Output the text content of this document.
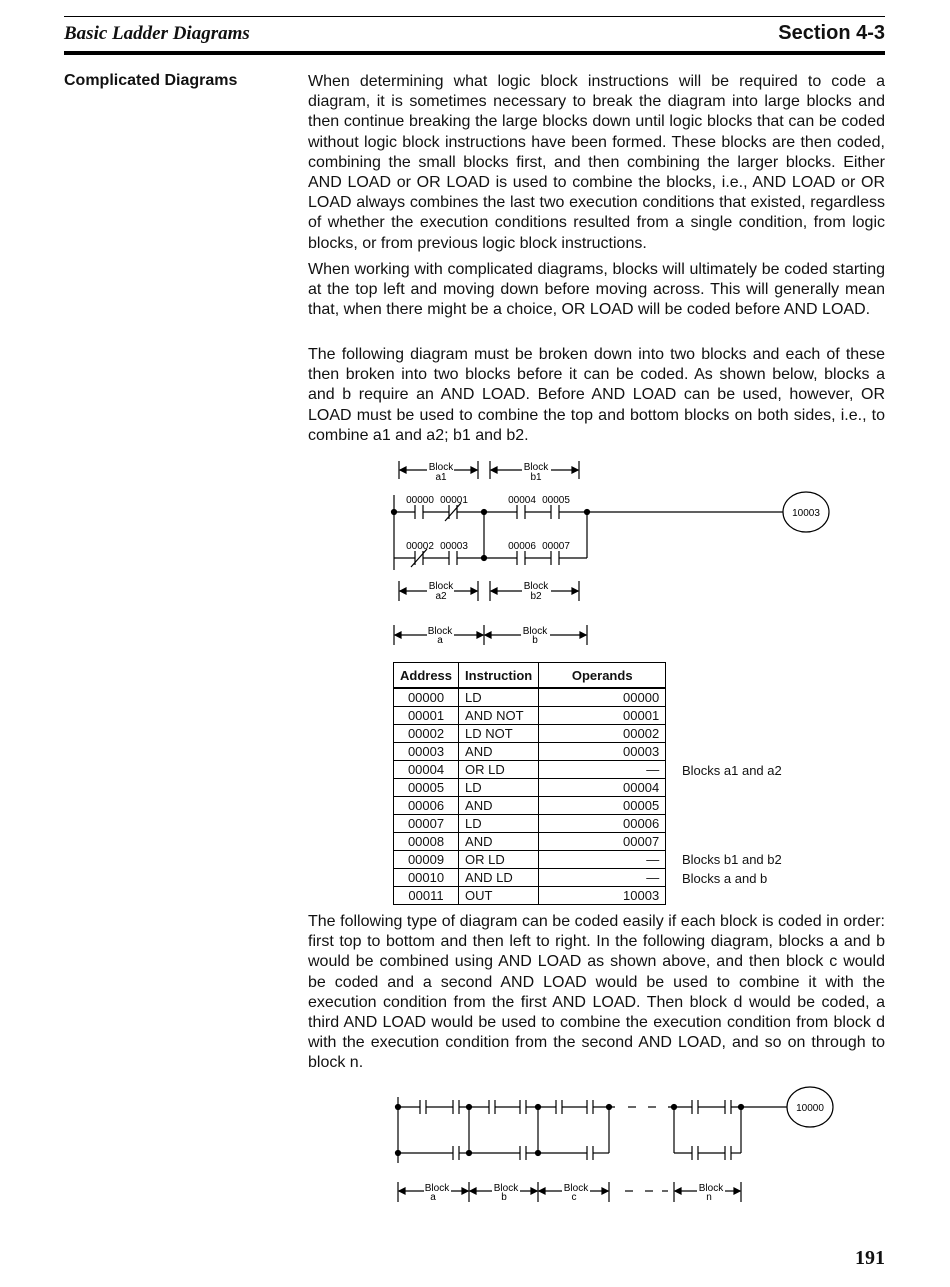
Basic Ladder Diagrams	Section 4-3
Complicated Diagrams	When determining what logic block instructions will be required to code a diagram, it is sometimes necessary to break the diagram into large blocks and then continue breaking the large blocks down until logic blocks that can be coded without logic block instructions have been formed. These blocks are then coded, combining the small blocks first, and then combining the larger blocks. Either AND LOAD or OR LOAD is used to combine the blocks, i.e., AND LOAD or OR LOAD always combines the last two execution conditions that existed, regardless of whether the execution conditions resulted from a single condition, from logic blocks, or from previous logic block instructions.
When working with complicated diagrams, blocks will ultimately be coded starting at the top left and moving down before moving across. This will generally mean that, when there might be a choice, OR LOAD will be coded before AND LOAD.
The following diagram must be broken down into two blocks and each of these then broken into two blocks before it can be coded. As shown below, blocks a and b require an AND LOAD. Before AND LOAD can be used, however, OR LOAD must be used to combine the top and bottom blocks on both sides, i.e., to combine a1 and a2; b1 and b2.
Block
a1
Block
b1
00000 00001	00004 00005
00002 00003	00006 00007
10003
Block
a2
Block
b2
Block
a
Block
b
Address	Instruction	Operands
00000	LD	00000
00001	AND NOT	00001
00002	LD NOT	00002
00003	AND	00003
00004	OR LD	—
00005	LD	00004
00006	AND	00005
00007	LD	00006
00008	AND	00007
00009	OR LD	—
00010	AND LD	—
00011	OUT	10003
Blocks a1 and a2
Blocks b1 and b2
Blocks a and b
The following type of diagram can be coded easily if each block is coded in order: first top to bottom and then left to right. In the following diagram, blocks a and b would be combined using AND LOAD as shown above, and then block c would be coded and a second AND LOAD would be used to combine it with the execution condition from the first AND LOAD. Then block d would be coded, a third AND LOAD would be used to combine the execution condition from block d with the execution condition from the second AND LOAD, and so on through to block n.
10000
Block
a
Block
b
Block
c
Block
n
191
